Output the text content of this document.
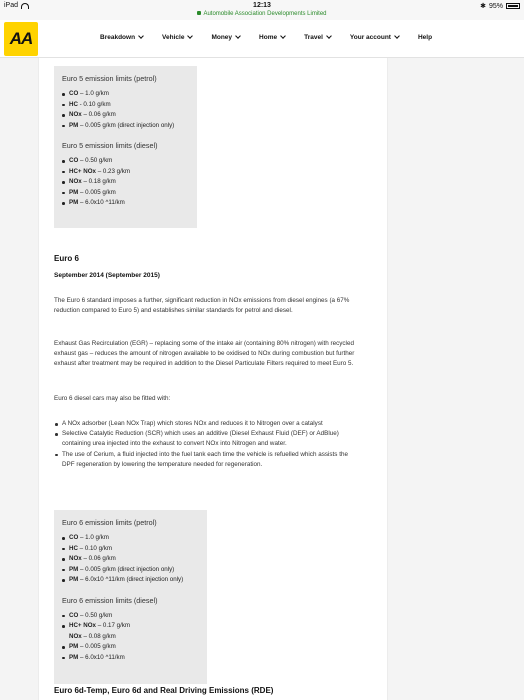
iPad	12:13	✱ 95%
Automobile Association Developments Limited
AA	Breakdown	Vehicle	Money	Home	Travel	Your account	Help
Euro 5 emission limits (petrol)
CO – 1.0 g/km
HC - 0.10 g/km
NOx – 0.06 g/km
PM – 0.005 g/km (direct injection only)
Euro 5 emission limits (diesel)
CO – 0.50 g/km
HC+ NOx – 0.23 g/km
NOx – 0.18 g/km
PM – 0.005 g/km
PM – 6.0x10 ^11/km
Euro 6
September 2014 (September 2015)

The Euro 6 standard imposes a further, significant reduction in NOx emissions from diesel engines (a 67% reduction compared to Euro 5) and establishes similar standards for petrol and diesel.

Exhaust Gas Recirculation (EGR) – replacing some of the intake air (containing 80% nitrogen) with recycled exhaust gas – reduces the amount of nitrogen available to be oxidised to NOx during combustion but further exhaust after treatment may be required in addition to the Diesel Particulate Filters required to meet Euro 5.

Euro 6 diesel cars may also be fitted with:

A NOx adsorber (Lean NOx Trap) which stores NOx and reduces it to Nitrogen over a catalyst
Selective Catalytic Reduction (SCR) which uses an additive (Diesel Exhaust Fluid (DEF) or AdBlue) containing urea injected into the exhaust to convert NOx into Nitrogen and water.
The use of Cerium, a fluid injected into the fuel tank each time the vehicle is refuelled which assists the DPF regeneration by lowering the temperature needed for regeneration.
Euro 6 emission limits (petrol)
CO – 1.0 g/km
HC – 0.10 g/km
NOx – 0.06 g/km
PM – 0.005 g/km (direct injection only)
PM – 6.0x10 ^11/km (direct injection only)
Euro 6 emission limits (diesel)
CO – 0.50 g/km
HC+ NOx – 0.17 g/km
NOx – 0.08 g/km
PM – 0.005 g/km
PM – 6.0x10 ^11/km
Euro 6d-Temp, Euro 6d and Real Driving Emissions (RDE)
